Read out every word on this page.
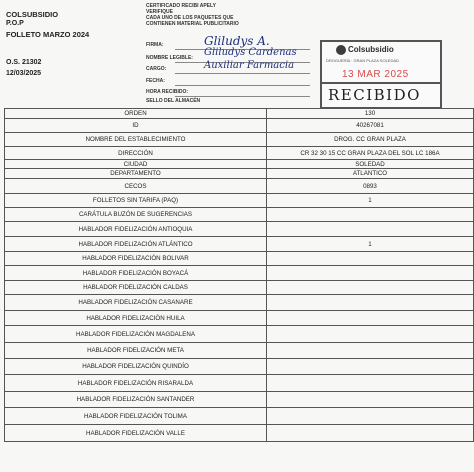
COLSUBSIDIO
P.O.P
FOLLETO MARZO 2024
O.S. 21302
12/03/2025
CERTIFICADO RECIBI APELY
VERIFIQUE
CADA UNO DE LOS PAQUETES QUE
CONTIENEN MATERIAL PUBLICITARIO
FIRMA:
NOMBRE LEGIBLE:
CARGO:
FECHA:
HORA RECIBIDO:
SELLO DEL ALMACÉN
Gliludys A.
Gliludys Cardenas
Auxiliar Farmacia
Colsubsidio
DROGUERÍA · GRAN PLAZA SOLEDAD
13 MAR 2025
RECIBIDO
ORDEN	130
ID	40267081
NOMBRE DEL ESTABLECIMIENTO	DROG. CC GRAN PLAZA
DIRECCIÓN	CR 32 30 15 CC GRAN PLAZA DEL SOL LC 186A
CIUDAD	SOLEDAD
DEPARTAMENTO	ATLANTICO
CECOS	0893
FOLLETOS SIN TARIFA (PAQ)	1
CARÁTULA BUZÓN DE SUGERENCIAS	
HABLADOR FIDELIZACIÓN ANTIOQUIA	
HABLADOR FIDELIZACIÓN ATLÁNTICO	1
HABLADOR FIDELIZACIÓN BOLIVAR	
HABLADOR FIDELIZACIÓN BOYACÁ	
HABLADOR FIDELIZACIÓN CALDAS	
HABLADOR FIDELIZACIÓN CASANARE	
HABLADOR FIDELIZACIÓN HUILA	
HABLADOR FIDELIZACIÓN MAGDALENA	
HABLADOR FIDELIZACIÓN META	
HABLADOR FIDELIZACIÓN QUINDÍO	
HABLADOR FIDELIZACIÓN RISARALDA	
HABLADOR FIDELIZACIÓN SANTANDER	
HABLADOR FIDELIZACIÓN TOLIMA	
HABLADOR FIDELIZACIÓN VALLE	
